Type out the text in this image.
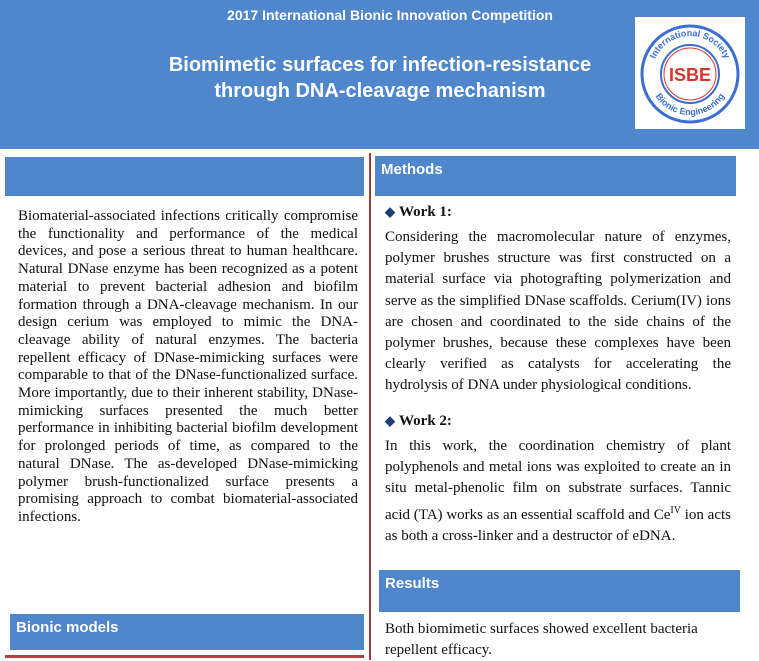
2017 International Bionic Innovation Competition
Biomimetic surfaces for infection-resistance
through DNA-cleavage mechanism
International Society
Bionic Engineering
ISBE
Biomaterial-associated infections critically compromise the functionality and performance of the medical devices, and pose a serious threat to human healthcare. Natural DNase enzyme has been recognized as a potent material to prevent bacterial adhesion and biofilm formation through a DNA-cleavage mechanism. In our design cerium was employed to mimic the DNA-cleavage ability of natural enzymes. The bacteria repellent efficacy of DNase-mimicking surfaces were comparable to that of the DNase-functionalized surface. More importantly, due to their inherent stability, DNase-mimicking surfaces presented the much better performance in inhibiting bacterial biofilm development for prolonged periods of time, as compared to the natural DNase. The as-developed DNase-mimicking polymer brush-functionalized surface presents a promising approach to combat biomaterial-associated infections.
Bionic models
Methods
◆ Work 1:
Considering the macromolecular nature of enzymes, polymer brushes structure was first constructed on a material surface via photografting polymerization and serve as the simplified DNase scaffolds. Cerium(IV) ions are chosen and coordinated to the side chains of the polymer brushes, because these complexes have been clearly verified as catalysts for accelerating the hydrolysis of DNA under physiological conditions.
◆ Work 2:
In this work, the coordination chemistry of plant polyphenols and metal ions was exploited to create an in situ metal-phenolic film on substrate surfaces. Tannic acid (TA) works as an essential scaffold and $Ce^{IV}$ ion acts as both a cross-linker and a destructor of eDNA.
Results
Both biomimetic surfaces showed excellent bacteria repellent efficacy.
